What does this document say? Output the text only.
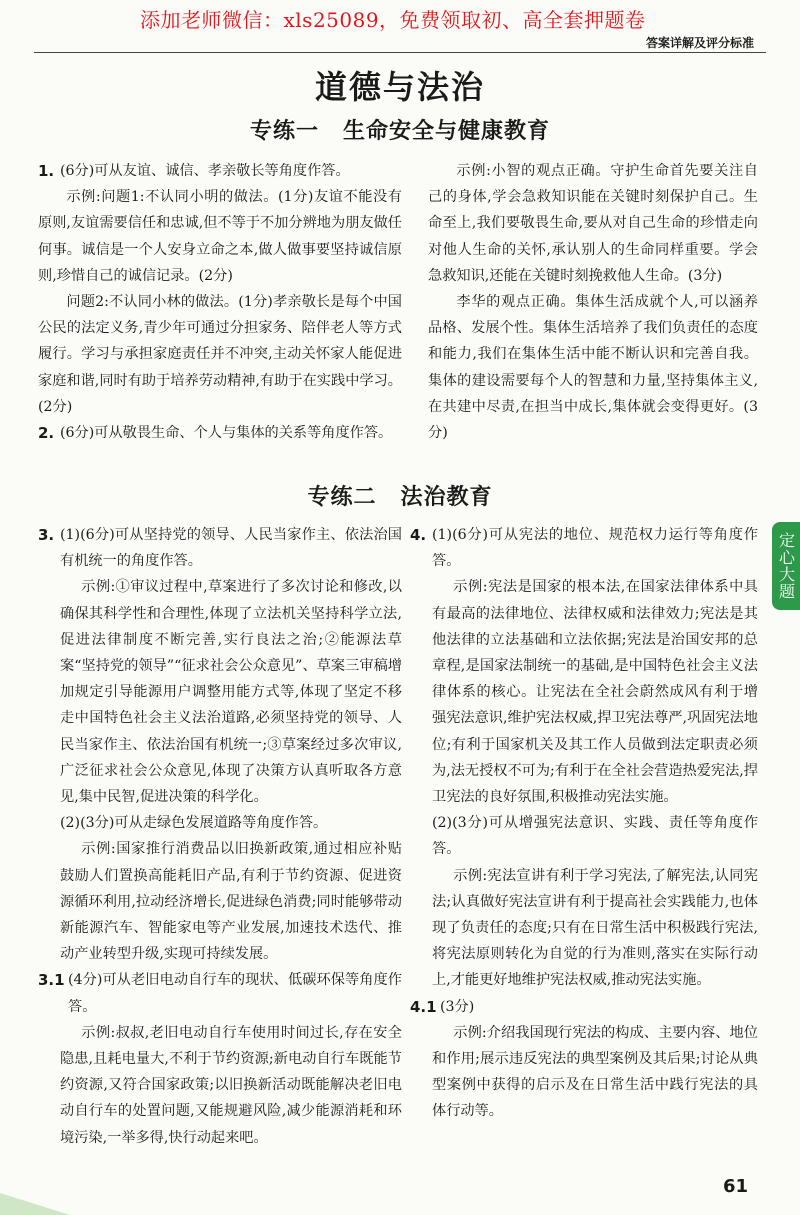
添加老师微信：xls25089，免费领取初、高全套押题卷
答案详解及评分标准
道德与法治
专练一 生命安全与健康教育
1. (6分)可从友谊、诚信、孝亲敬长等角度作答。

示例:问题1:不认同小明的做法。(1分)友谊不能没有原则,友谊需要信任和忠诚,但不等于不加分辨地为朋友做任何事。诚信是一个人安身立命之本,做人做事要坚持诚信原则,珍惜自己的诚信记录。(2分)

问题2:不认同小林的做法。(1分)孝亲敬长是每个中国公民的法定义务,青少年可通过分担家务、陪伴老人等方式履行。学习与承担家庭责任并不冲突,主动关怀家人能促进家庭和谐,同时有助于培养劳动精神,有助于在实践中学习。(2分)

2. (6分)可从敬畏生命、个人与集体的关系等角度作答。

示例:小智的观点正确。守护生命首先要关注自己的身体,学会急救知识能在关键时刻保护自己。生命至上,我们要敬畏生命,要从对自己生命的珍惜走向对他人生命的关怀,承认别人的生命同样重要。学会急救知识,还能在关键时刻挽救他人生命。(3分)

李华的观点正确。集体生活成就个人,可以涵养品格、发展个性。集体生活培养了我们负责任的态度和能力,我们在集体生活中能不断认识和完善自我。集体的建设需要每个人的智慧和力量,坚持集体主义,在共建中尽责,在担当中成长,集体就会变得更好。(3分)

专练二 法治教育
3. (1)(6分)可从坚持党的领导、人民当家作主、依法治国有机统一的角度作答。

示例:①审议过程中,草案进行了多次讨论和修改,以确保其科学性和合理性,体现了立法机关坚持科学立法,促进法律制度不断完善,实行良法之治;②能源法草案“坚持党的领导”“征求社会公众意见”、草案三审稿增加规定引导能源用户调整用能方式等,体现了坚定不移走中国特色社会主义法治道路,必须坚持党的领导、人民当家作主、依法治国有机统一;③草案经过多次审议,广泛征求社会公众意见,体现了决策方认真听取各方意见,集中民智,促进决策的科学化。

(2)(3分)可从走绿色发展道路等角度作答。

示例:国家推行消费品以旧换新政策,通过相应补贴鼓励人们置换高能耗旧产品,有利于节约资源、促进资源循环利用,拉动经济增长,促进绿色消费;同时能够带动新能源汽车、智能家电等产业发展,加速技术迭代、推动产业转型升级,实现可持续发展。

3.1 (4分)可从老旧电动自行车的现状、低碳环保等角度作答。

示例:叔叔,老旧电动自行车使用时间过长,存在安全隐患,且耗电量大,不利于节约资源;新电动自行车既能节约资源,又符合国家政策;以旧换新活动既能解决老旧电动自行车的处置问题,又能规避风险,减少能源消耗和环境污染,一举多得,快行动起来吧。

4. (1)(6分)可从宪法的地位、规范权力运行等角度作答。

示例:宪法是国家的根本法,在国家法律体系中具有最高的法律地位、法律权威和法律效力;宪法是其他法律的立法基础和立法依据;宪法是治国安邦的总章程,是国家法制统一的基础,是中国特色社会主义法律体系的核心。让宪法在全社会蔚然成风有利于增强宪法意识,维护宪法权威,捍卫宪法尊严,巩固宪法地位;有利于国家机关及其工作人员做到法定职责必须为,法无授权不可为;有利于在全社会营造热爱宪法,捍卫宪法的良好氛围,积极推动宪法实施。

(2)(3分)可从增强宪法意识、实践、责任等角度作答。

示例:宪法宣讲有利于学习宪法,了解宪法,认同宪法;认真做好宪法宣讲有利于提高社会实践能力,也体现了负责任的态度;只有在日常生活中积极践行宪法,将宪法原则转化为自觉的行为准则,落实在实际行动上,才能更好地维护宪法权威,推动宪法实施。

4.1 (3分)

示例:介绍我国现行宪法的构成、主要内容、地位和作用;展示违反宪法的典型案例及其后果;讨论从典型案例中获得的启示及在日常生活中践行宪法的具体行动等。

定心大题
61
